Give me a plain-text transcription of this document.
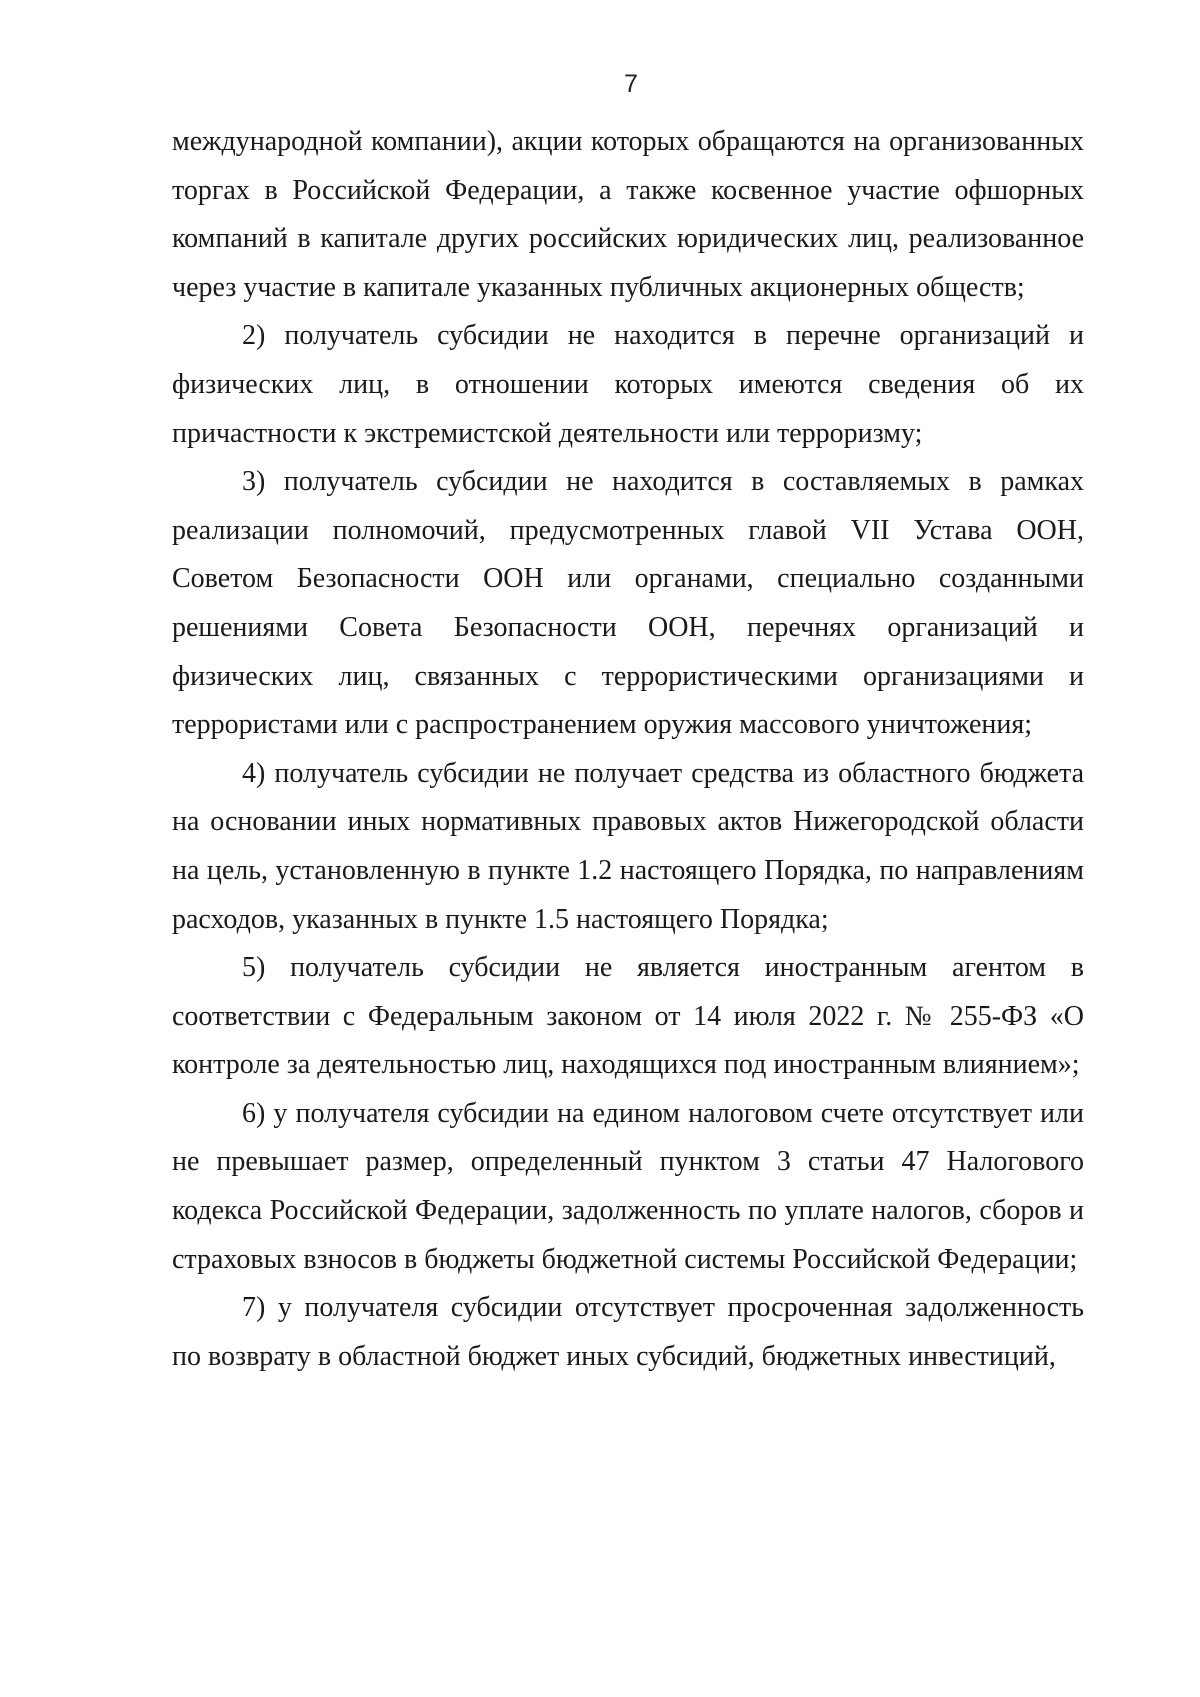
7

международной компании), акции которых обращаются на организованных торгах в Российской Федерации, а также косвенное участие офшорных компаний в капитале других российских юридических лиц, реализованное через участие в капитале указанных публичных акционерных обществ;

2) получатель субсидии не находится в перечне организаций и физических лиц, в отношении которых имеются сведения об их причастности к экстремистской деятельности или терроризму;

3) получатель субсидии не находится в составляемых в рамках реализации полномочий, предусмотренных главой VII Устава ООН, Советом Безопасности ООН или органами, специально созданными решениями Совета Безопасности ООН, перечнях организаций и физических лиц, связанных с террористическими организациями и террористами или с распространением оружия массового уничтожения;

4) получатель субсидии не получает средства из областного бюджета на основании иных нормативных правовых актов Нижегородской области на цель, установленную в пункте 1.2 настоящего Порядка, по направлениям расходов, указанных в пункте 1.5 настоящего Порядка;

5) получатель субсидии не является иностранным агентом в соответствии с Федеральным законом от 14 июля 2022 г. № 255-ФЗ «О контроле за деятельностью лиц, находящихся под иностранным влиянием»;

6) у получателя субсидии на едином налоговом счете отсутствует или не превышает размер, определенный пунктом 3 статьи 47 Налогового кодекса Российской Федерации, задолженность по уплате налогов, сборов и страховых взносов в бюджеты бюджетной системы Российской Федерации;

7) у получателя субсидии отсутствует просроченная задолженность по возврату в областной бюджет иных субсидий, бюджетных инвестиций,
